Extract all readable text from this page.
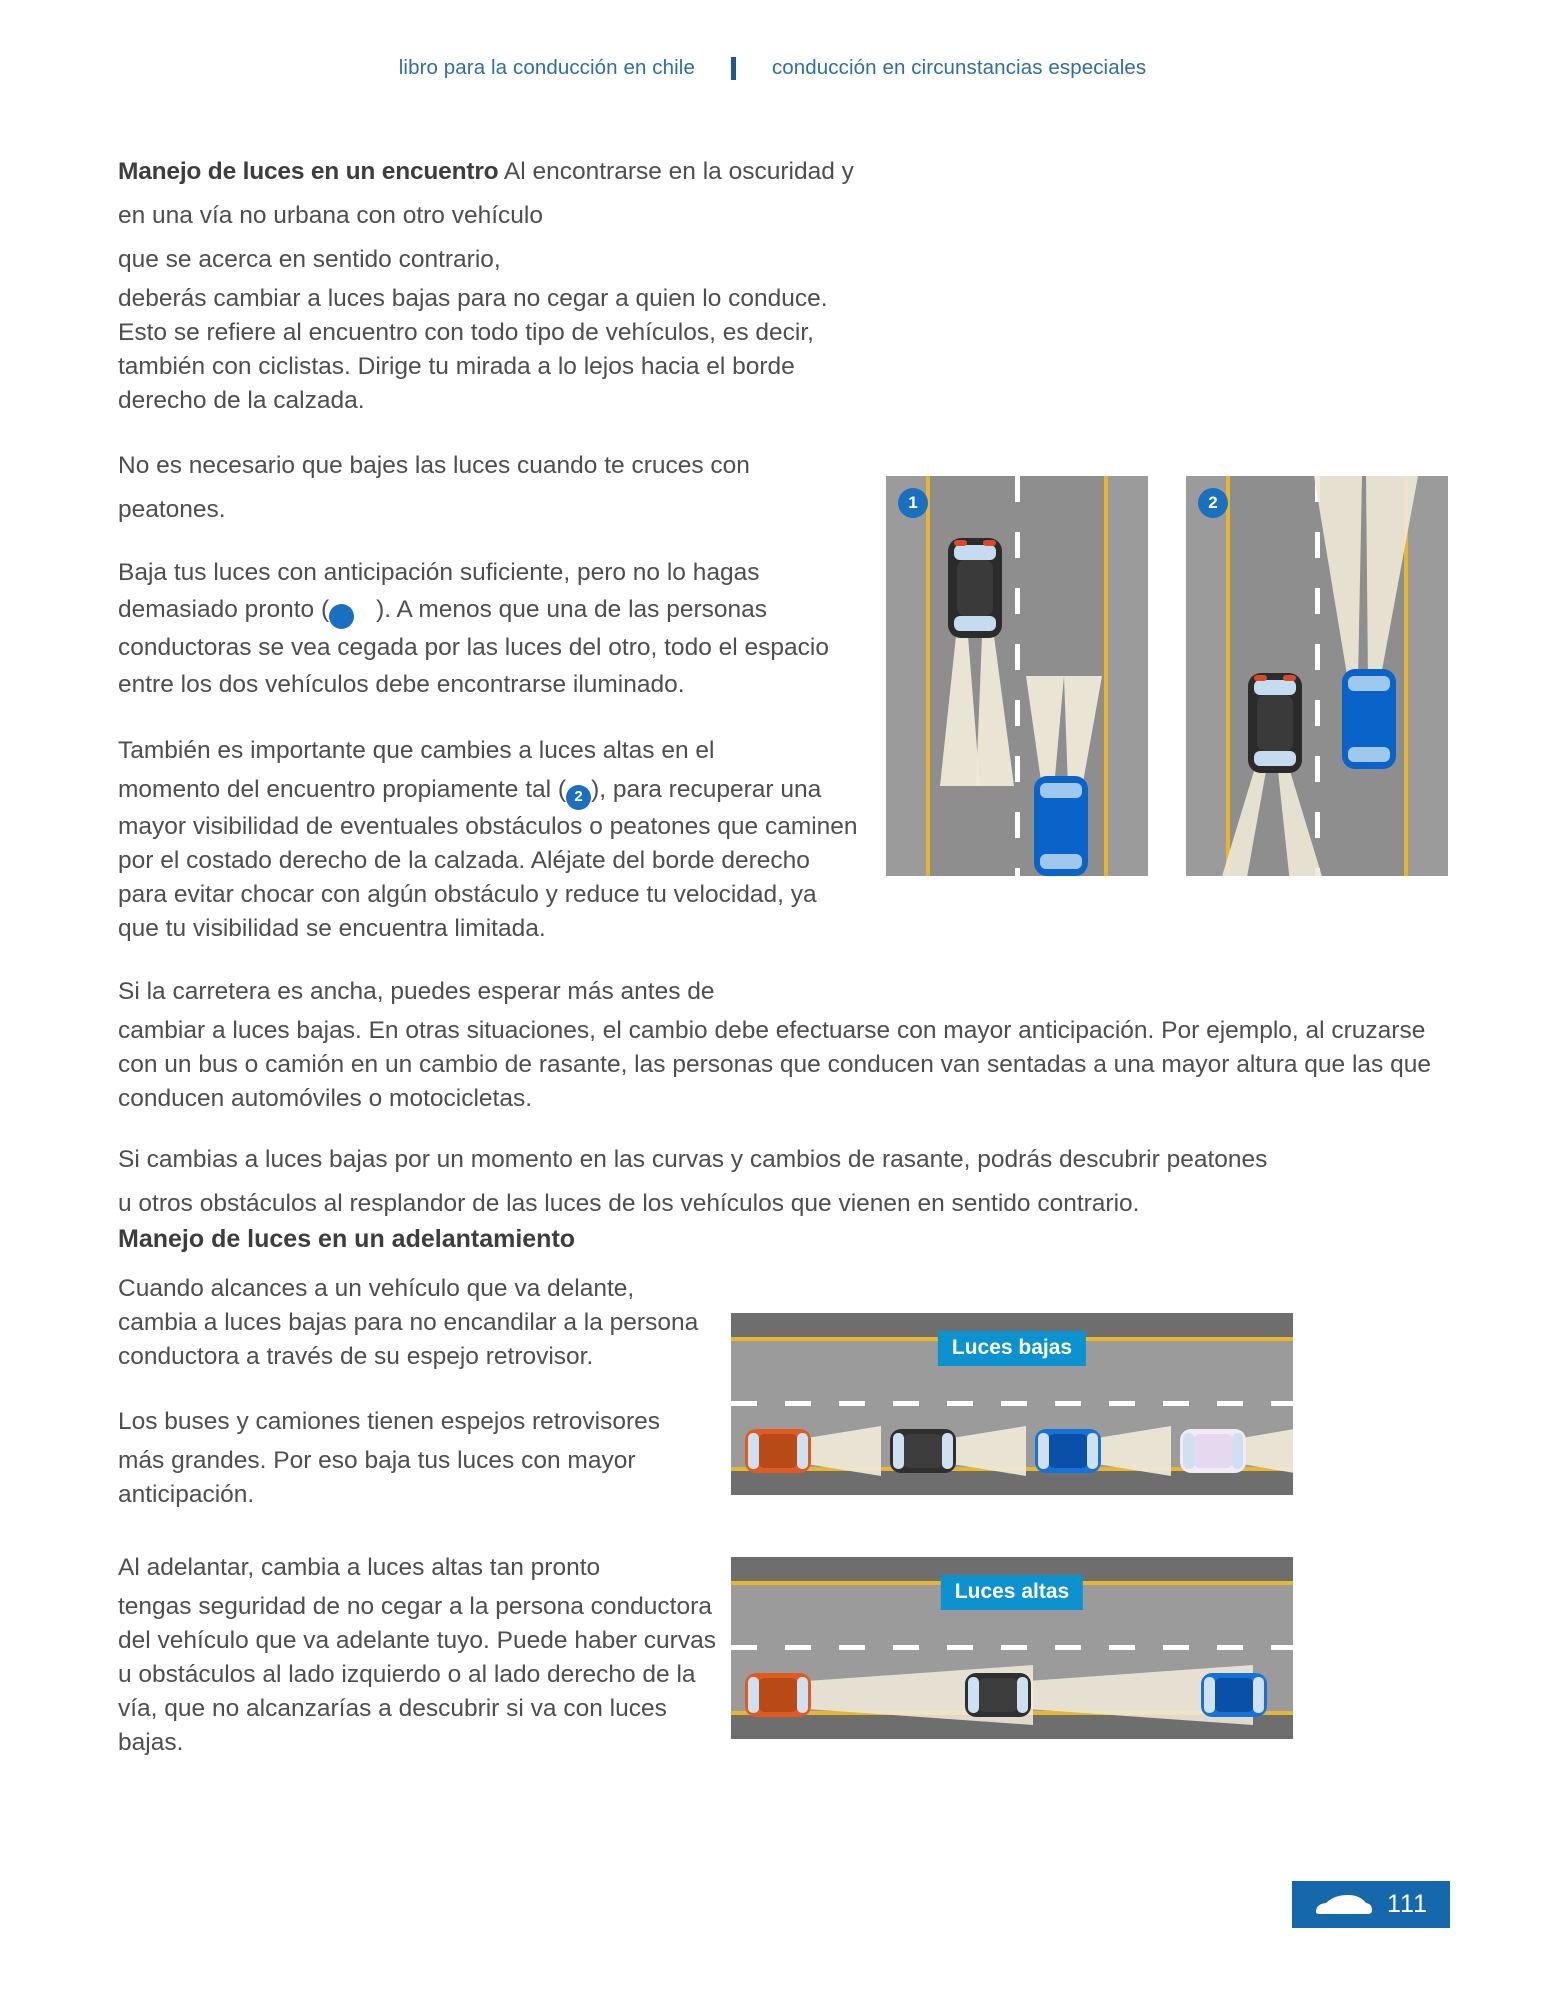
libro para la conducción en chile	conducción en circunstancias especiales
1	2
Manejo de luces en un encuentro Al encontrarse en la oscuridad y en una vía no urbana con otro vehículo
que se acerca en sentido contrario,

deberás cambiar a luces bajas para no cegar a quien lo conduce. Esto se refiere al encuentro con todo tipo de vehículos, es decir, también con ciclistas. Dirige tu mirada a lo lejos hacia el borde derecho de la calzada.

No es necesario que bajes las luces cuando te cruces con peatones.

Baja tus luces con anticipación suficiente, pero no lo hagas demasiado pronto ( 1 ). A menos que una de las personas conductoras se vea cegada por las luces del otro, todo el espacio entre los dos vehículos debe encontrarse iluminado.

También es importante que cambies a luces altas en el

momento del encuentro propiamente tal ( 2 ), para recuperar una mayor visibilidad de eventuales obstáculos o peatones que caminen por el costado derecho de la calzada. Aléjate del borde derecho para evitar chocar con algún obstáculo y reduce tu velocidad, ya que tu visibilidad se encuentra limitada.

Si la carretera es ancha, puedes esperar más antes de

cambiar a luces bajas. En otras situaciones, el cambio debe efectuarse con mayor anticipación. Por ejemplo, al cruzarse con un bus o camión en un cambio de rasante, las personas que conducen van sentadas a una mayor altura que las que conducen automóviles o motocicletas.

Si cambias a luces bajas por un momento en las curvas y cambios de rasante, podrás descubrir peatones
u otros obstáculos al resplandor de las luces de los vehículos que vienen en sentido contrario.
Manejo de luces en un adelantamiento

Cuando alcances a un vehículo que va delante, cambia a luces bajas para no encandilar a la persona conductora a través de su espejo retrovisor.

Los buses y camiones tienen espejos retrovisores

más grandes. Por eso baja tus luces con mayor anticipación.

Al adelantar, cambia a luces altas tan pronto

tengas seguridad de no cegar a la persona conductora del vehículo que va adelante tuyo. Puede haber curvas u obstáculos al lado izquierdo o al lado derecho de la vía, que no alcanzarías a descubrir si va con luces bajas.

Luces bajas
Luces altas
111
